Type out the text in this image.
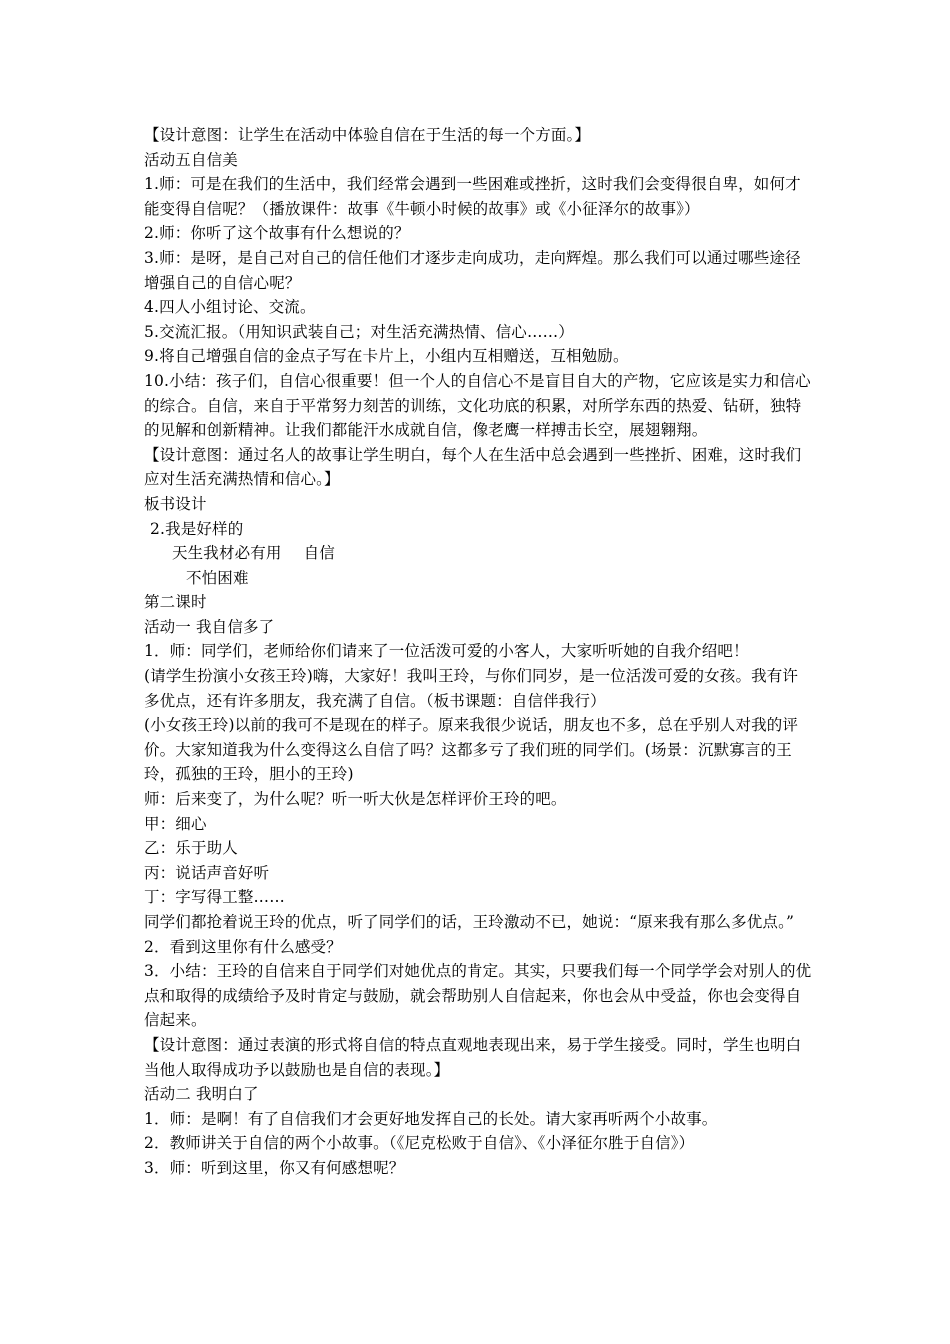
【设计意图：让学生在活动中体验自信在于生活的每一个方面。】

活动五自信美

1.师：可是在我们的生活中，我们经常会遇到一些困难或挫折，这时我们会变得很自卑，如何才能变得自信呢？（播放课件：故事《牛顿小时候的故事》或《小征泽尔的故事》）

2.师：你听了这个故事有什么想说的？

3.师：是呀，是自己对自己的信任他们才逐步走向成功，走向辉煌。那么我们可以通过哪些途径增强自己的自信心呢？

4.四人小组讨论、交流。

5.交流汇报。（用知识武装自己；对生活充满热情、信心……）

9.将自己增强自信的金点子写在卡片上，小组内互相赠送，互相勉励。

10.小结：孩子们，自信心很重要！但一个人的自信心不是盲目自大的产物，它应该是实力和信心的综合。自信，来自于平常努力刻苦的训练，文化功底的积累，对所学东西的热爱、钻研，独特的见解和创新精神。让我们都能汗水成就自信，像老鹰一样搏击长空，展翅翱翔。

【设计意图：通过名人的故事让学生明白，每个人在生活中总会遇到一些挫折、困难，这时我们应对生活充满热情和信心。】

板书设计

2.我是好样的

天生我材必有用 自信

不怕困难

第二课时

活动一 我自信多了

1．师：同学们，老师给你们请来了一位活泼可爱的小客人，大家听听她的自我介绍吧！

(请学生扮演小女孩王玲)嗨，大家好！我叫王玲，与你们同岁，是一位活泼可爱的女孩。我有许多优点，还有许多朋友，我充满了自信。（板书课题：自信伴我行）

(小女孩王玲)以前的我可不是现在的样子。原来我很少说话，朋友也不多，总在乎别人对我的评价。大家知道我为什么变得这么自信了吗？这都多亏了我们班的同学们。(场景：沉默寡言的王玲，孤独的王玲，胆小的王玲)

师：后来变了，为什么呢？听一听大伙是怎样评价王玲的吧。

甲：细心

乙：乐于助人

丙：说话声音好听

丁：字写得工整……

同学们都抢着说王玲的优点，听了同学们的话，王玲激动不已，她说：“原来我有那么多优点。”

2．看到这里你有什么感受？

3．小结：王玲的自信来自于同学们对她优点的肯定。其实，只要我们每一个同学学会对别人的优点和取得的成绩给予及时肯定与鼓励，就会帮助别人自信起来，你也会从中受益，你也会变得自信起来。

【设计意图：通过表演的形式将自信的特点直观地表现出来，易于学生接受。同时，学生也明白当他人取得成功予以鼓励也是自信的表现。】

活动二 我明白了

1．师：是啊！有了自信我们才会更好地发挥自己的长处。请大家再听两个小故事。

2．教师讲关于自信的两个小故事。（《尼克松败于自信》、《小泽征尔胜于自信》）

3．师：听到这里，你又有何感想呢？
